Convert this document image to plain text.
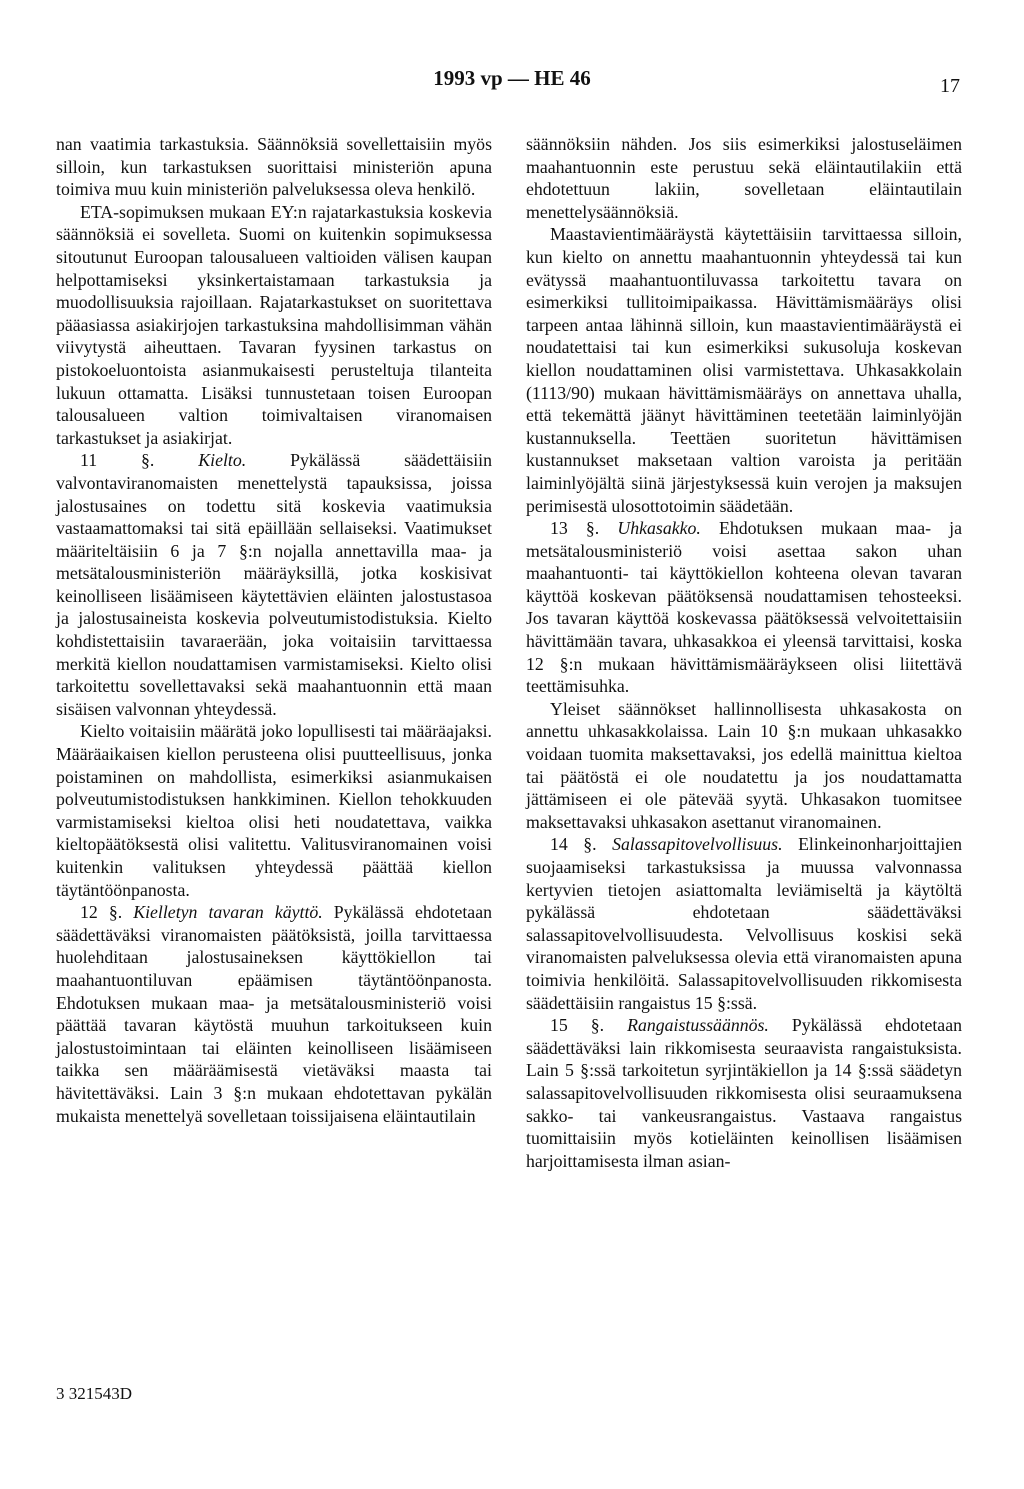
1993 vp — HE 46	17

nan vaatimia tarkastuksia. Säännöksiä sovellettaisiin myös silloin, kun tarkastuksen suorittaisi ministeriön apuna toimiva muu kuin ministeriön palveluksessa oleva henkilö.

ETA-sopimuksen mukaan EY:n rajatarkastuksia koskevia säännöksiä ei sovelleta. Suomi on kuitenkin sopimuksessa sitoutunut Euroopan talousalueen valtioiden välisen kaupan helpottamiseksi yksinkertaistamaan tarkastuksia ja muodollisuuksia rajoillaan. Rajatarkastukset on suoritettava pääasiassa asiakirjojen tarkastuksina mahdollisimman vähän viivytystä aiheuttaen. Tavaran fyysinen tarkastus on pistokoeluontoista asianmukaisesti perusteltuja tilanteita lukuun ottamatta. Lisäksi tunnustetaan toisen Euroopan talousalueen valtion toimivaltaisen viranomaisen tarkastukset ja asiakirjat.

11 §. Kielto. Pykälässä säädettäisiin valvontaviranomaisten menettelystä tapauksissa, joissa jalostusaines on todettu sitä koskevia vaatimuksia vastaamattomaksi tai sitä epäillään sellaiseksi. Vaatimukset määriteltäisiin 6 ja 7 §:n nojalla annettavilla maa- ja metsätalousministeriön määräyksillä, jotka koskisivat keinolliseen lisäämiseen käytettävien eläinten jalostustasoa ja jalostusaineista koskevia polveutumistodistuksia. Kielto kohdistettaisiin tavaraerään, joka voitaisiin tarvittaessa merkitä kiellon noudattamisen varmistamiseksi. Kielto olisi tarkoitettu sovellettavaksi sekä maahantuonnin että maan sisäisen valvonnan yhteydessä.

Kielto voitaisiin määrätä joko lopullisesti tai määräajaksi. Määräaikaisen kiellon perusteena olisi puutteellisuus, jonka poistaminen on mahdollista, esimerkiksi asianmukaisen polveutumistodistuksen hankkiminen. Kiellon tehokkuuden varmistamiseksi kieltoa olisi heti noudatettava, vaikka kieltopäätöksestä olisi valitettu. Valitusviranomainen voisi kuitenkin valituksen yhteydessä päättää kiellon täytäntöönpanosta.

12 §. Kielletyn tavaran käyttö. Pykälässä ehdotetaan säädettäväksi viranomaisten päätöksistä, joilla tarvittaessa huolehditaan jalostusaineksen käyttökiellon tai maahantuontiluvan epäämisen täytäntöönpanosta. Ehdotuksen mukaan maa- ja metsätalousministeriö voisi päättää tavaran käytöstä muuhun tarkoitukseen kuin jalostustoimintaan tai eläinten keinolliseen lisäämiseen taikka sen määräämisestä vietäväksi maasta tai hävitettäväksi. Lain 3 §:n mukaan ehdotettavan pykälän mukaista menettelyä sovelletaan toissijaisena eläintautilain

säännöksiin nähden. Jos siis esimerkiksi jalostuseläimen maahantuonnin este perustuu sekä eläintautilakiin että ehdotettuun lakiin, sovelletaan eläintautilain menettelysäännöksiä.

Maastavientimääräystä käytettäisiin tarvittaessa silloin, kun kielto on annettu maahantuonnin yhteydessä tai kun evätyssä maahantuontiluvassa tarkoitettu tavara on esimerkiksi tullitoimipaikassa. Hävittämismääräys olisi tarpeen antaa lähinnä silloin, kun maastavientimääräystä ei noudatettaisi tai kun esimerkiksi sukusoluja koskevan kiellon noudattaminen olisi varmistettava. Uhkasakkolain (1113/90) mukaan hävittämismääräys on annettava uhalla, että tekemättä jäänyt hävittäminen teetetään laiminlyöjän kustannuksella. Teettäen suoritetun hävittämisen kustannukset maksetaan valtion varoista ja peritään laiminlyöjältä siinä järjestyksessä kuin verojen ja maksujen perimisestä ulosottotoimin säädetään.

13 §. Uhkasakko. Ehdotuksen mukaan maa- ja metsätalousministeriö voisi asettaa sakon uhan maahantuonti- tai käyttökiellon kohteena olevan tavaran käyttöä koskevan päätöksensä noudattamisen tehosteeksi. Jos tavaran käyttöä koskevassa päätöksessä velvoitettaisiin hävittämään tavara, uhkasakkoa ei yleensä tarvittaisi, koska 12 §:n mukaan hävittämismääräykseen olisi liitettävä teettämisuhka.

Yleiset säännökset hallinnollisesta uhkasakosta on annettu uhkasakkolaissa. Lain 10 §:n mukaan uhkasakko voidaan tuomita maksettavaksi, jos edellä mainittua kieltoa tai päätöstä ei ole noudatettu ja jos noudattamatta jättämiseen ei ole pätevää syytä. Uhkasakon tuomitsee maksettavaksi uhkasakon asettanut viranomainen.

14 §. Salassapitovelvollisuus. Elinkeinonharjoittajien suojaamiseksi tarkastuksissa ja muussa valvonnassa kertyvien tietojen asiattomalta leviämiseltä ja käytöltä pykälässä ehdotetaan säädettäväksi salassapitovelvollisuudesta. Velvollisuus koskisi sekä viranomaisten palveluksessa olevia että viranomaisten apuna toimivia henkilöitä. Salassapitovelvollisuuden rikkomisesta säädettäisiin rangaistus 15 §:ssä.

15 §. Rangaistussäännös. Pykälässä ehdotetaan säädettäväksi lain rikkomisesta seuraavista rangaistuksista. Lain 5 §:ssä tarkoitetun syrjintäkiellon ja 14 §:ssä säädetyn salassapitovelvollisuuden rikkomisesta olisi seuraamuksena sakko- tai vankeusrangaistus. Vastaava rangaistus tuomittaisiin myös kotieläinten keinollisen lisäämisen harjoittamisesta ilman asian-

3 321543D
